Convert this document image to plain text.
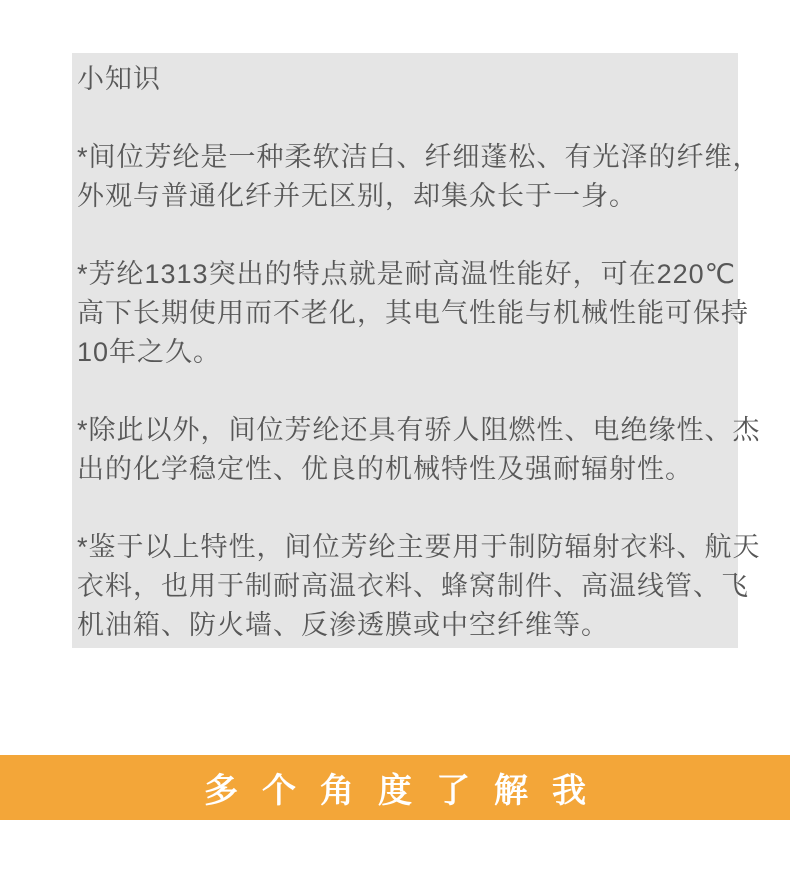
小知识
*间位芳纶是一种柔软洁白、纤细蓬松、有光泽的纤维，
外观与普通化纤并无区别，却集众长于一身。
*芳纶1313突出的特点就是耐高温性能好，可在220℃
高下长期使用而不老化，其电气性能与机械性能可保持
10年之久。
*除此以外，间位芳纶还具有骄人阻燃性、电绝缘性、杰
出的化学稳定性、优良的机械特性及强耐辐射性。
*鉴于以上特性，间位芳纶主要用于制防辐射衣料、航天
衣料，也用于制耐高温衣料、蜂窝制件、高温线管、飞
机油箱、防火墙、反渗透膜或中空纤维等。
多个角度了解我
